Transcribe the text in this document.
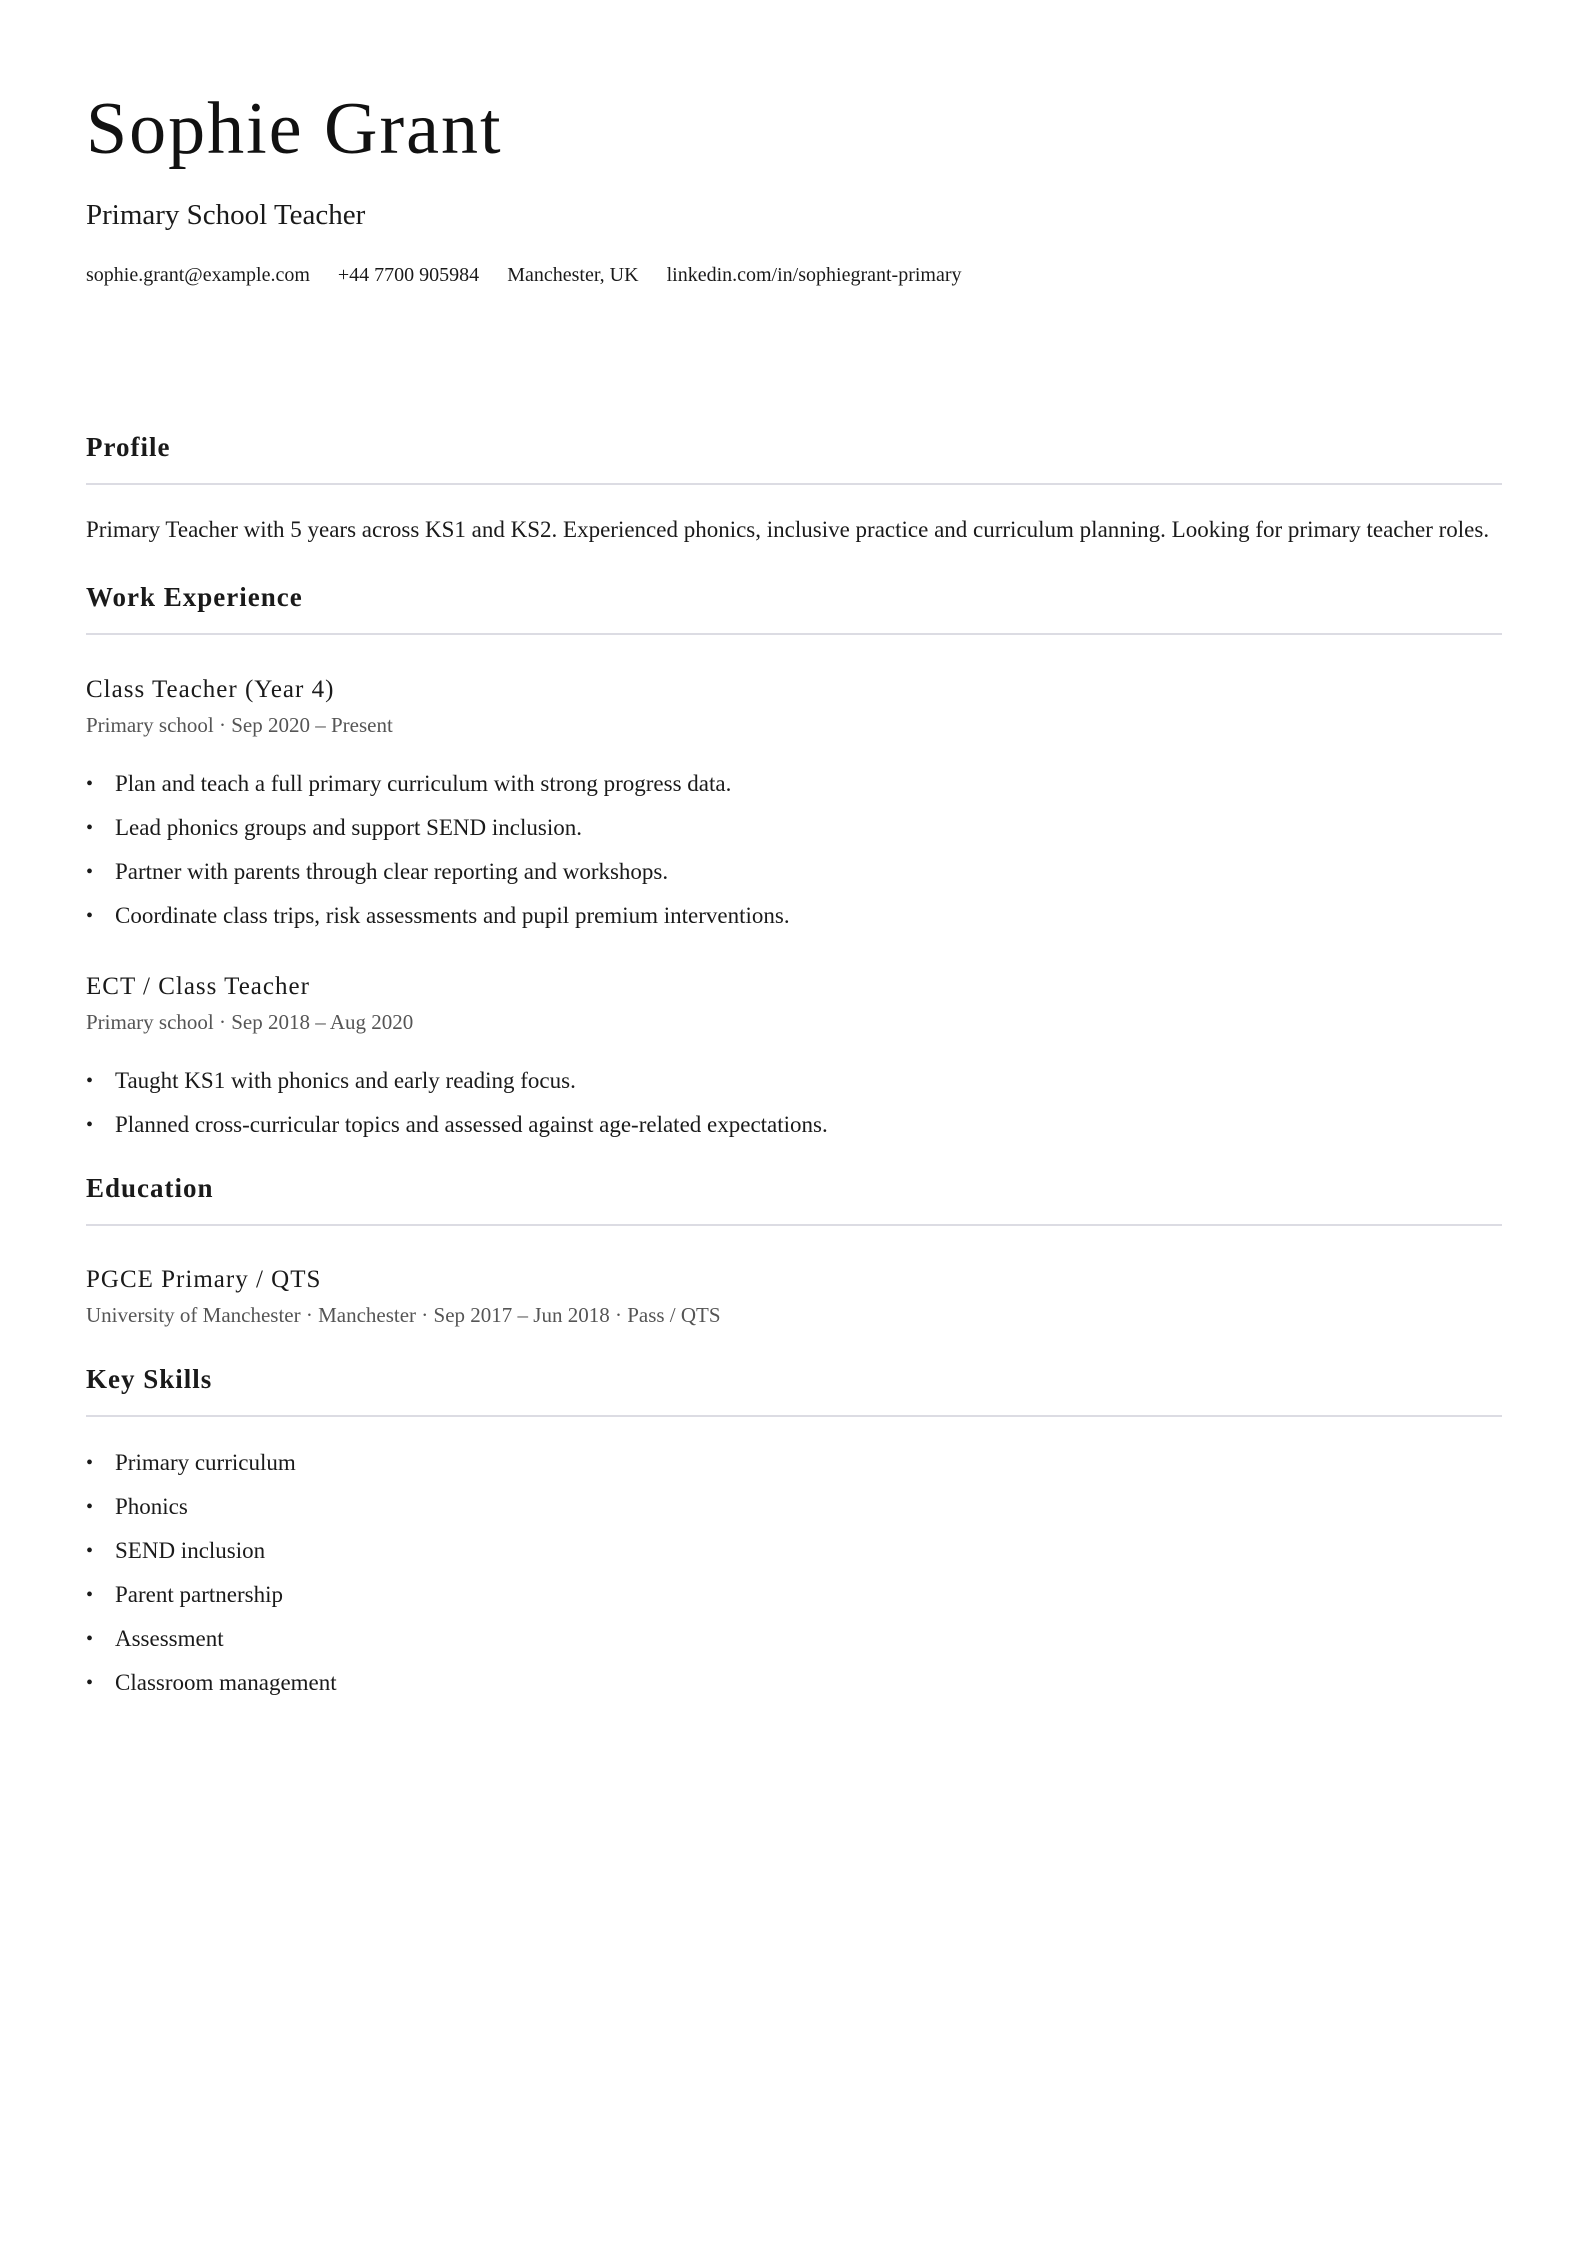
Sophie Grant
Primary School Teacher
sophie.grant@example.com +44 7700 905984 Manchester, UK linkedin.com/in/sophiegrant-primary
Profile

Primary Teacher with 5 years across KS1 and KS2. Experienced phonics, inclusive practice and curriculum planning. Looking for primary teacher roles.

Work Experience
Class Teacher (Year 4)
Primary school · Sep 2020 – Present
• Plan and teach a full primary curriculum with strong progress data.
• Lead phonics groups and support SEND inclusion.
• Partner with parents through clear reporting and workshops.
• Coordinate class trips, risk assessments and pupil premium interventions.
ECT / Class Teacher
Primary school · Sep 2018 – Aug 2020
• Taught KS1 with phonics and early reading focus.
• Planned cross-curricular topics and assessed against age-related expectations.
Education
PGCE Primary / QTS
University of Manchester · Manchester · Sep 2017 – Jun 2018 · Pass / QTS
Key Skills
• Primary curriculum
• Phonics
• SEND inclusion
• Parent partnership
• Assessment
• Classroom management
